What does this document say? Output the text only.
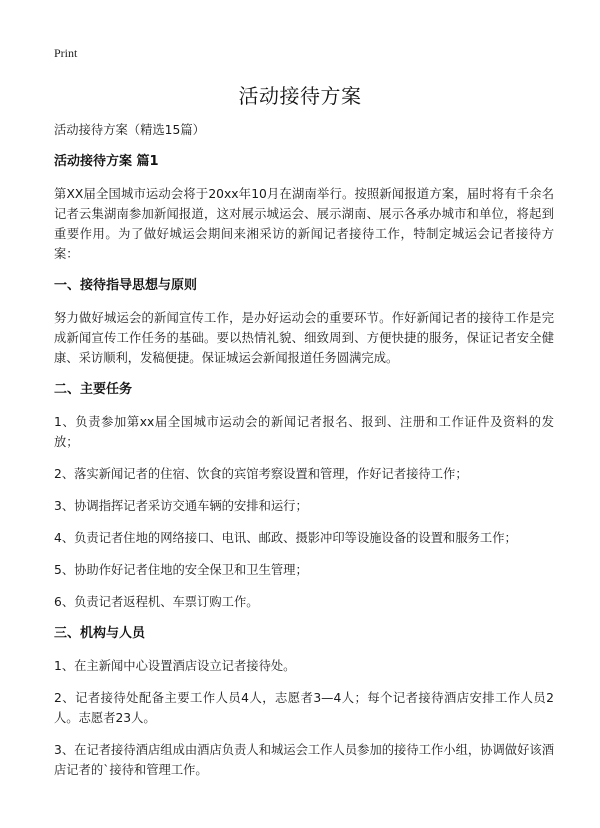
Print
活动接待方案
活动接待方案（精选15篇）
活动接待方案 篇1
第XX届全国城市运动会将于20xx年10月在湖南举行。按照新闻报道方案，届时将有千余名记者云集湖南参加新闻报道，这对展示城运会、展示湖南、展示各承办城市和单位，将起到重要作用。为了做好城运会期间来湘采访的新闻记者接待工作，特制定城运会记者接待方案：
一、接待指导思想与原则
努力做好城运会的新闻宣传工作，是办好运动会的重要环节。作好新闻记者的接待工作是完成新闻宣传工作任务的基础。要以热情礼貌、细致周到、方便快捷的服务，保证记者安全健康、采访顺利，发稿便捷。保证城运会新闻报道任务圆满完成。
二、主要任务
1、负责参加第xx届全国城市运动会的新闻记者报名、报到、注册和工作证件及资料的发放；
2、落实新闻记者的住宿、饮食的宾馆考察设置和管理，作好记者接待工作；
3、协调指挥记者采访交通车辆的安排和运行；
4、负责记者住地的网络接口、电讯、邮政、摄影冲印等设施设备的设置和服务工作；
5、协助作好记者住地的安全保卫和卫生管理；
6、负责记者返程机、车票订购工作。
三、机构与人员
1、在主新闻中心设置酒店设立记者接待处。
2、记者接待处配备主要工作人员4人，志愿者3—4人；每个记者接待酒店安排工作人员2人。志愿者23人。
3、在记者接待酒店组成由酒店负责人和城运会工作人员参加的接待工作小组，协调做好该酒店记者的`接待和管理工作。
